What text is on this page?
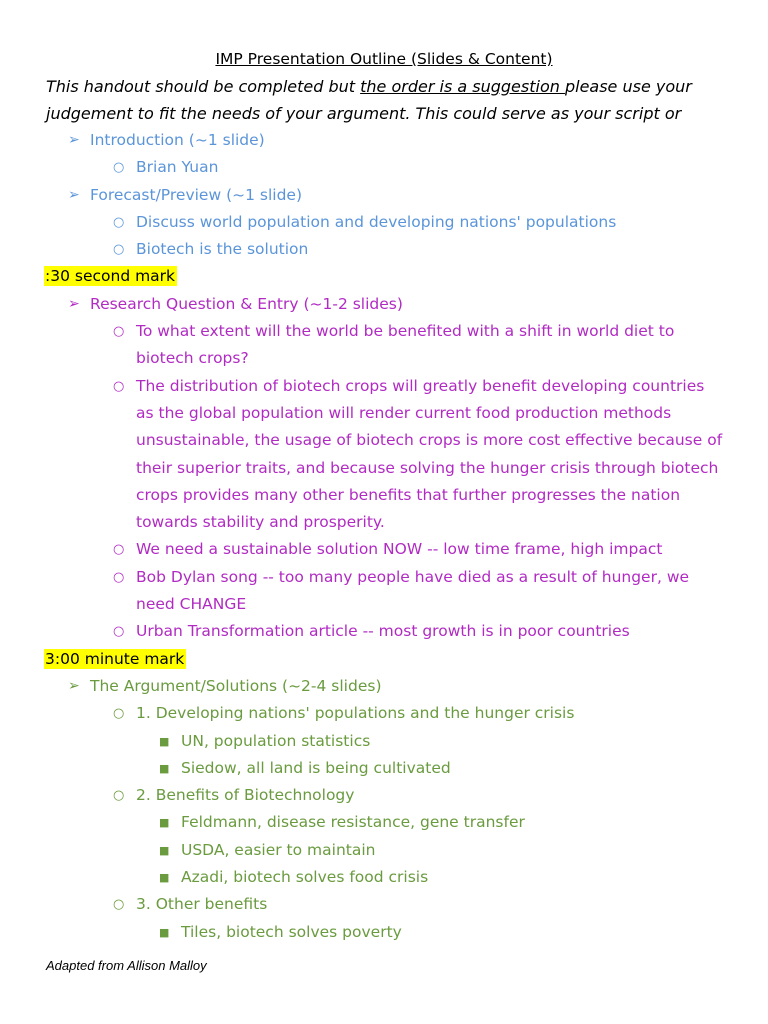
IMP Presentation Outline (Slides & Content)
This handout should be completed but the order is a suggestion please use your judgement to fit the needs of your argument. This could serve as your script or
➢ Introduction (~1 slide)
○ Brian Yuan
➢ Forecast/Preview (~1 slide)
○ Discuss world population and developing nations' populations
○ Biotech is the solution
:30 second mark
➢ Research Question & Entry (~1-2 slides)
○ To what extent will the world be benefited with a shift in world diet to biotech crops?
○ The distribution of biotech crops will greatly benefit developing countries as the global population will render current food production methods unsustainable, the usage of biotech crops is more cost effective because of their superior traits, and because solving the hunger crisis through biotech crops provides many other benefits that further progresses the nation towards stability and prosperity.
○ We need a sustainable solution NOW -- low time frame, high impact
○ Bob Dylan song -- too many people have died as a result of hunger, we need CHANGE
○ Urban Transformation article -- most growth is in poor countries
3:00 minute mark
➢ The Argument/Solutions (~2-4 slides)
○ 1. Developing nations' populations and the hunger crisis
■ UN, population statistics
■ Siedow, all land is being cultivated
○ 2. Benefits of Biotechnology
■ Feldmann, disease resistance, gene transfer
■ USDA, easier to maintain
■ Azadi, biotech solves food crisis
○ 3. Other benefits
■ Tiles, biotech solves poverty
Adapted from Allison Malloy
